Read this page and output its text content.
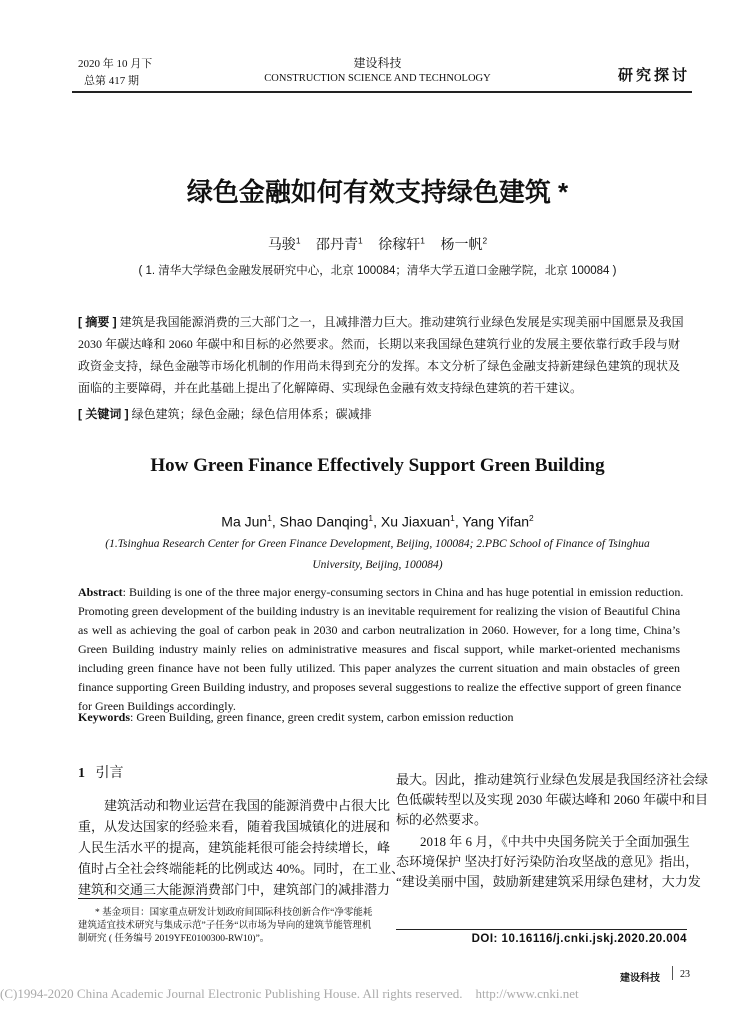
2020 年 10 月下
总第 417 期
建设科技
CONSTRUCTION SCIENCE AND TECHNOLOGY	研究探讨
绿色金融如何有效支持绿色建筑 *
马骏$^1$ 邵丹青$^1$ 徐稼轩$^1$ 杨一帆$^2$
( 1. 清华大学绿色金融发展研究中心，北京 100084；清华大学五道口金融学院，北京 100084 )
[ 摘要 ] 建筑是我国能源消费的三大部门之一，且减排潜力巨大。推动建筑行业绿色发展是实现美丽中国愿景及我国
2030 年碳达峰和 2060 年碳中和目标的必然要求。然而，长期以来我国绿色建筑行业的发展主要依靠行政手段与财
政资金支持，绿色金融等市场化机制的作用尚未得到充分的发挥。本文分析了绿色金融支持新建绿色建筑的现状及
面临的主要障碍，并在此基础上提出了化解障碍、实现绿色金融有效支持绿色建筑的若干建议。
[ 关键词 ] 绿色建筑；绿色金融；绿色信用体系；碳减排
How Green Finance Effectively Support Green Building
Ma Jun$^1$, Shao Danqing$^1$, Xu Jiaxuan$^1$, Yang Yifan$^2$
(1.Tsinghua Research Center for Green Finance Development, Beijing, 100084; 2.PBC School of Finance of Tsinghua
University, Beijing, 100084)
Abstract: Building is one of the three major energy-consuming sectors in China and has huge potential in emission reduction.
Promoting green development of the building industry is an inevitable requirement for realizing the vision of Beautiful China
as well as achieving the goal of carbon peak in 2030 and carbon neutralization in 2060. However, for a long time, China’s
Green Building industry mainly relies on administrative measures and fiscal support, while market-oriented mechanisms
including green finance have not been fully utilized. This paper analyzes the current situation and main obstacles of green
finance supporting Green Building industry, and proposes several suggestions to realize the effective support of green finance
for Green Buildings accordingly.
Keywords: Green Building, green finance, green credit system, carbon emission reduction
1 引言
建筑活动和物业运营在我国的能源消费中占很大比
重，从发达国家的经验来看，随着我国城镇化的进展和
人民生活水平的提高，建筑能耗很可能会持续增长，峰
值时占全社会终端能耗的比例或达 40%。同时，在工业、
建筑和交通三大能源消费部门中，建筑部门的减排潜力
* 基金项目：国家重点研发计划政府间国际科技创新合作“净零能耗
建筑适宜技术研究与集成示范”子任务“以市场为导向的建筑节能管理机
制研究 ( 任务编号 2019YFE0100300-RW10)”。
最大。因此，推动建筑行业绿色发展是我国经济社会绿
色低碳转型以及实现 2030 年碳达峰和 2060 年碳中和目
标的必然要求。
2018 年 6 月，《中共中央国务院关于全面加强生
态环境保护 坚决打好污染防治攻坚战的意见》指出，
“建设美丽中国，鼓励新建建筑采用绿色建材，大力发
DOI: 10.16116/j.cnki.jskj.2020.20.004
建设科技 23
(C)1994-2020 China Academic Journal Electronic Publishing House. All rights reserved.    http://www.cnki.net
